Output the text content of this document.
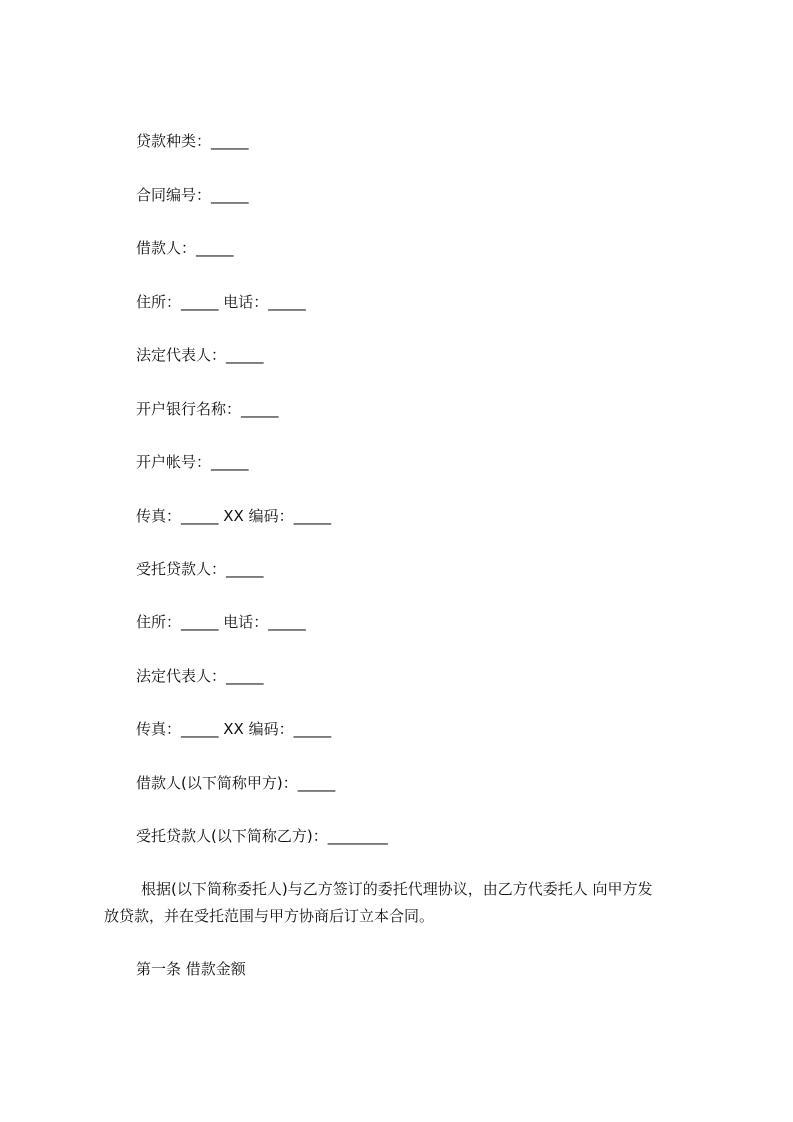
贷款种类：_____
合同编号：_____
借款人：_____
住所：_____ 电话：_____
法定代表人：_____
开户银行名称：_____
开户帐号：_____
传真：_____ XX 编码：_____
受托贷款人：_____
住所：_____ 电话：_____
法定代表人：_____
传真：_____ XX 编码：_____
借款人(以下简称甲方)：_____
受托贷款人(以下简称乙方)：________
根据(以下简称委托人)与乙方签订的委托代理协议，由乙方代委托人 向甲方发
放贷款，并在受托范围与甲方协商后订立本合同。
第一条 借款金额
